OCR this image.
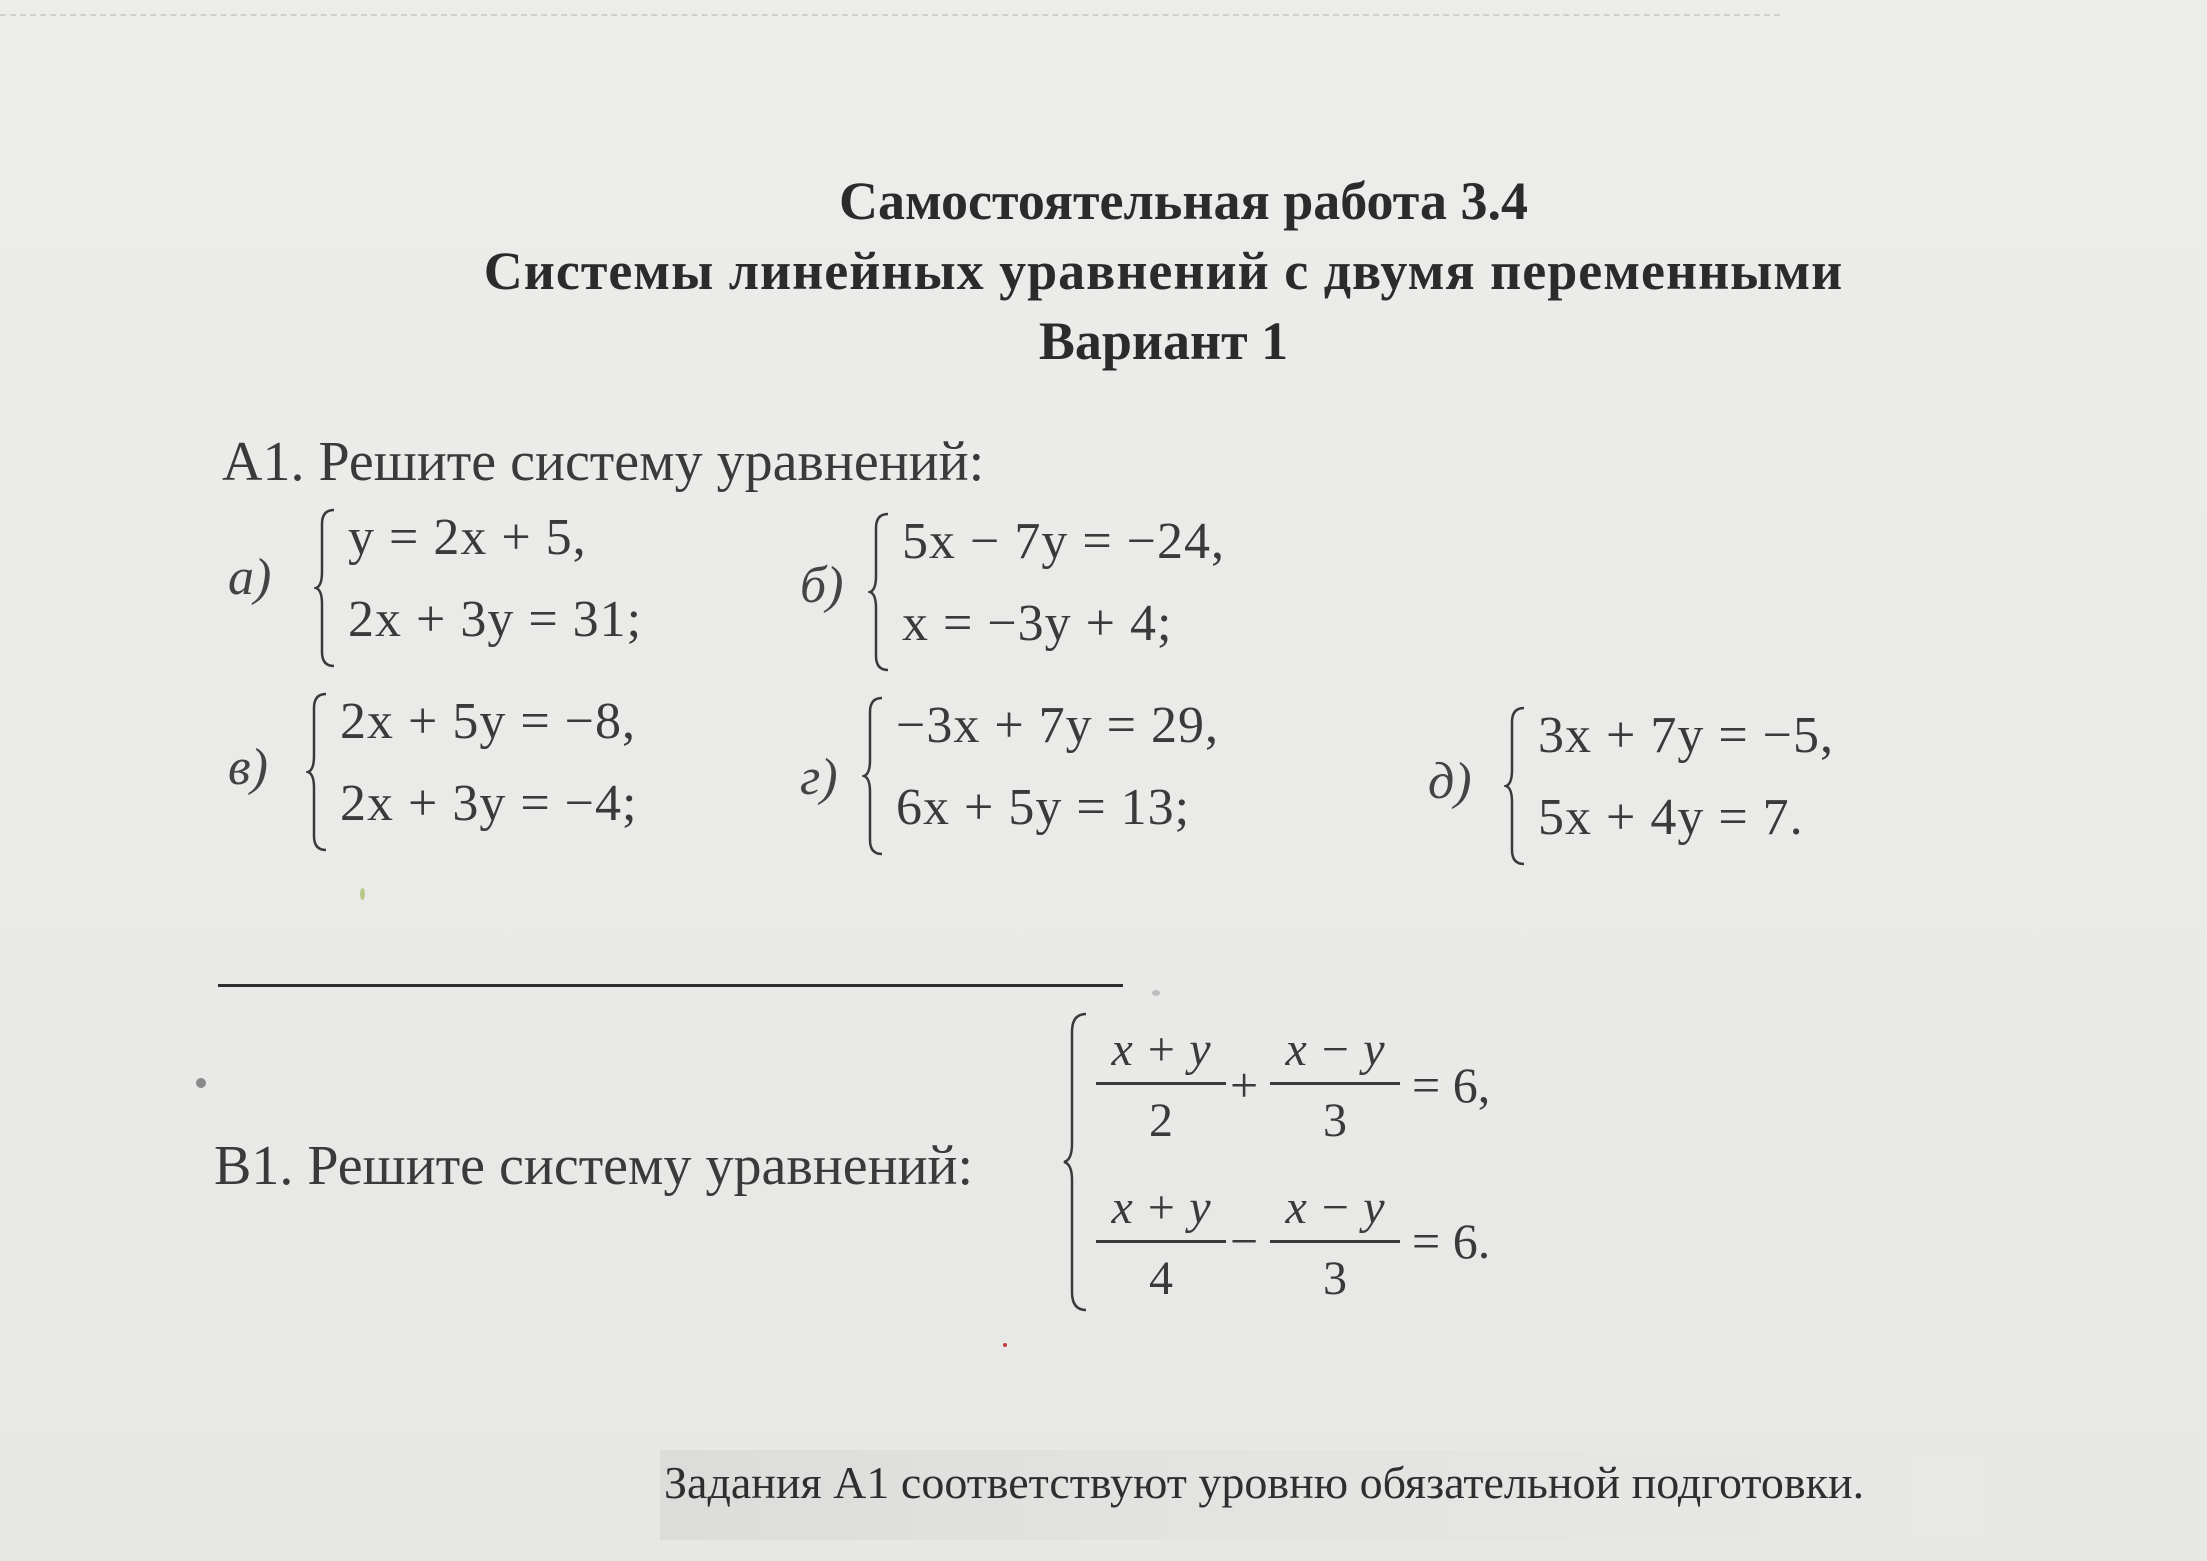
Самостоятельная работа 3.4
Системы линейных уравнений с двумя переменными
Вариант 1
А1. Решите систему уравнений:
а)
y = 2x + 5,
2x + 3y = 31;
б)
5x − 7y = −24,
x = −3y + 4;
в)
2x + 5y = −8,
2x + 3y = −4;	г)
−3x + 7y = 29,
6x + 5y = 13;	д)
3x + 7y = −5,
5x + 4y = 7.
В1. Решите систему уравнений:
x + y
2
+
x − y
3
= 6,
x + y
4
−
x − y
3
= 6.
Задания А1 соответствуют уровню обязательной подготовки.
